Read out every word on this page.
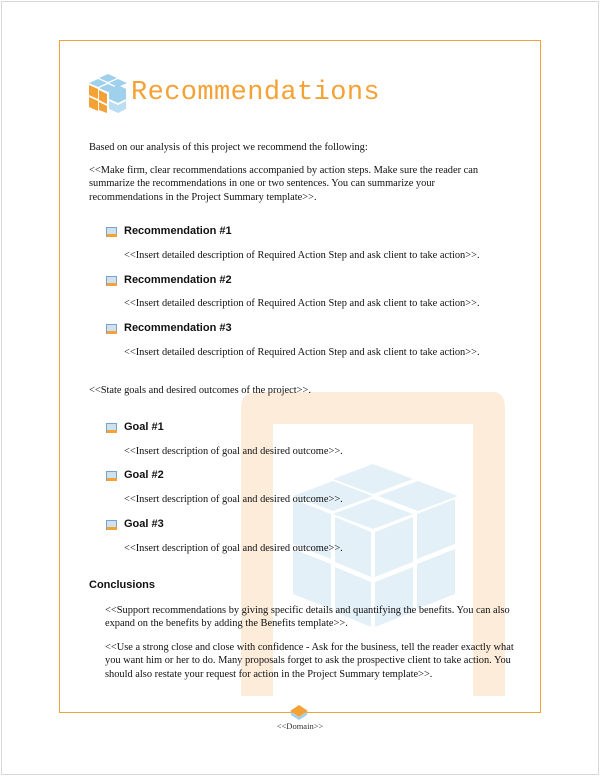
Recommendations
Based on our analysis of this project we recommend the following:
<<Make firm, clear recommendations accompanied by action steps. Make sure the reader can summarize the recommendations in one or two sentences. You can summarize your recommendations in the Project Summary template>>.
Recommendation #1
<<Insert detailed description of Required Action Step and ask client to take action>>.
Recommendation #2
<<Insert detailed description of Required Action Step and ask client to take action>>.
Recommendation #3
<<Insert detailed description of Required Action Step and ask client to take action>>.
<<State goals and desired outcomes of the project>>.
Goal #1
<<Insert description of goal and desired outcome>>.
Goal #2
<<Insert description of goal and desired outcome>>.
Goal #3
<<Insert description of goal and desired outcome>>.
Conclusions
<<Support recommendations by giving specific details and quantifying the benefits. You can also expand on the benefits by adding the Benefits template>>.
<<Use a strong close and close with confidence - Ask for the business, tell the reader exactly what you want him or her to do. Many proposals forget to ask the prospective client to take action. You should also restate your request for action in the Project Summary template>>.
<<Domain>>
